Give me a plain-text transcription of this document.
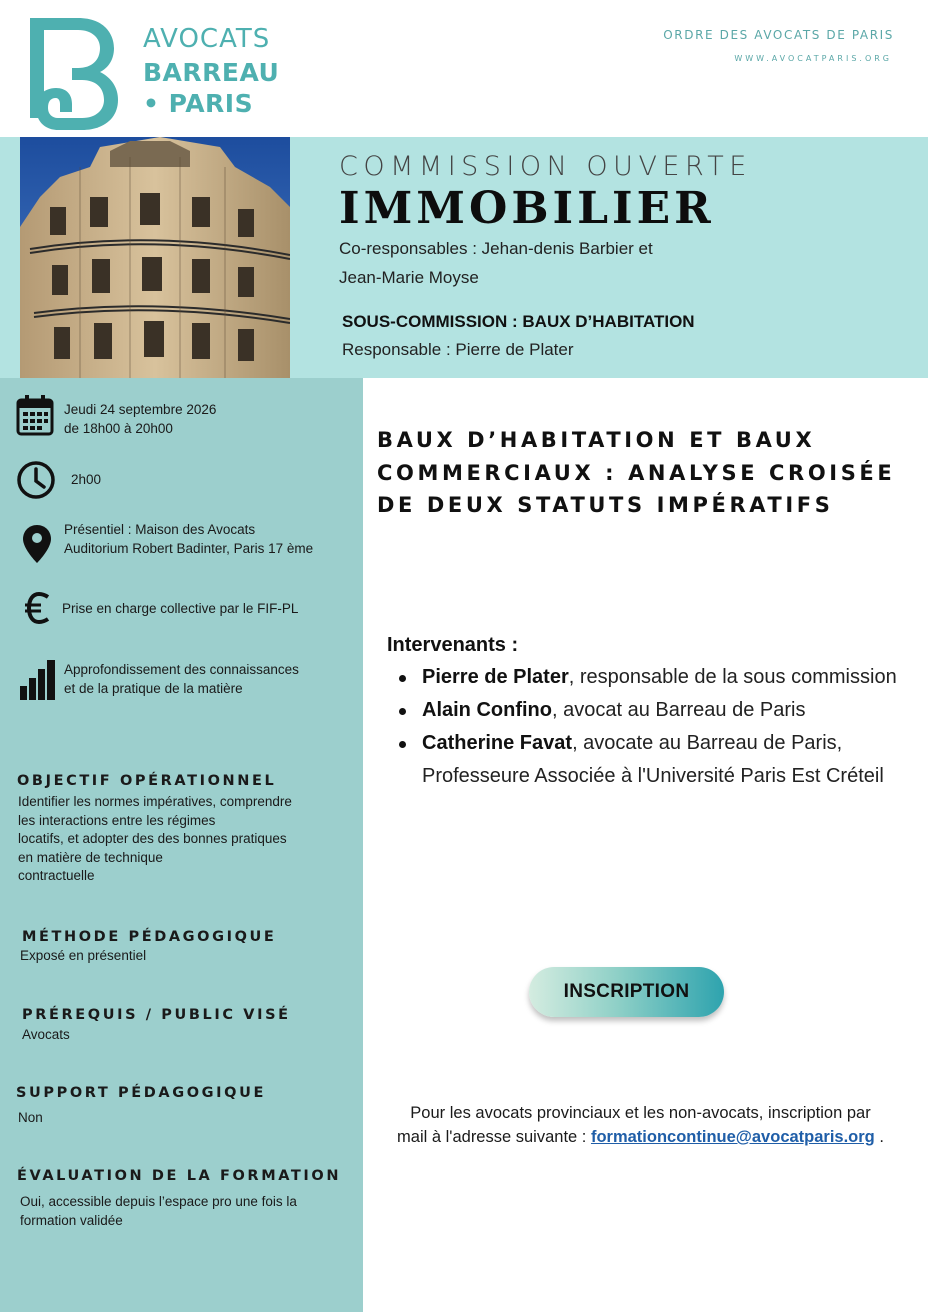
AVOCATS
BARREAU
• PARIS
ORDRE DES AVOCATS DE PARIS
WWW.AVOCATPARIS.ORG
COMMISSION OUVERTE
IMMOBILIER
Co-responsables : Jehan-denis Barbier et
Jean-Marie Moyse
SOUS-COMMISSION : BAUX D’HABITATION
Responsable : Pierre de Plater
Jeudi 24 septembre 2026
de 18h00 à 20h00
2h00
Présentiel : Maison des Avocats
Auditorium Robert Badinter, Paris 17 ème
Prise en charge collective par le FIF-PL
Approfondissement des connaissances
et de la pratique de la matière
OBJECTIF OPÉRATIONNEL
Identifier les normes impératives, comprendre
les interactions entre les régimes
locatifs, et adopter des des bonnes pratiques
en matière de technique
contractuelle
MÉTHODE PÉDAGOGIQUE
Exposé en présentiel
PRÉREQUIS / PUBLIC VISÉ
Avocats
SUPPORT PÉDAGOGIQUE
Non
ÉVALUATION DE LA FORMATION
Oui, accessible depuis l’espace pro une fois la
formation validée
BAUX D’HABITATION ET BAUX COMMERCIAUX : ANALYSE CROISÉE DE DEUX STATUTS IMPÉRATIFS
Intervenants :
Pierre de Plater, responsable de la sous commission
Alain Confino, avocat au Barreau de Paris
Catherine Favat, avocate au Barreau de Paris, Professeure Associée à l'Université Paris Est Créteil
INSCRIPTION
Pour les avocats provinciaux et les non-avocats, inscription par
mail à l'adresse suivante : formationcontinue@avocatparis.org .
